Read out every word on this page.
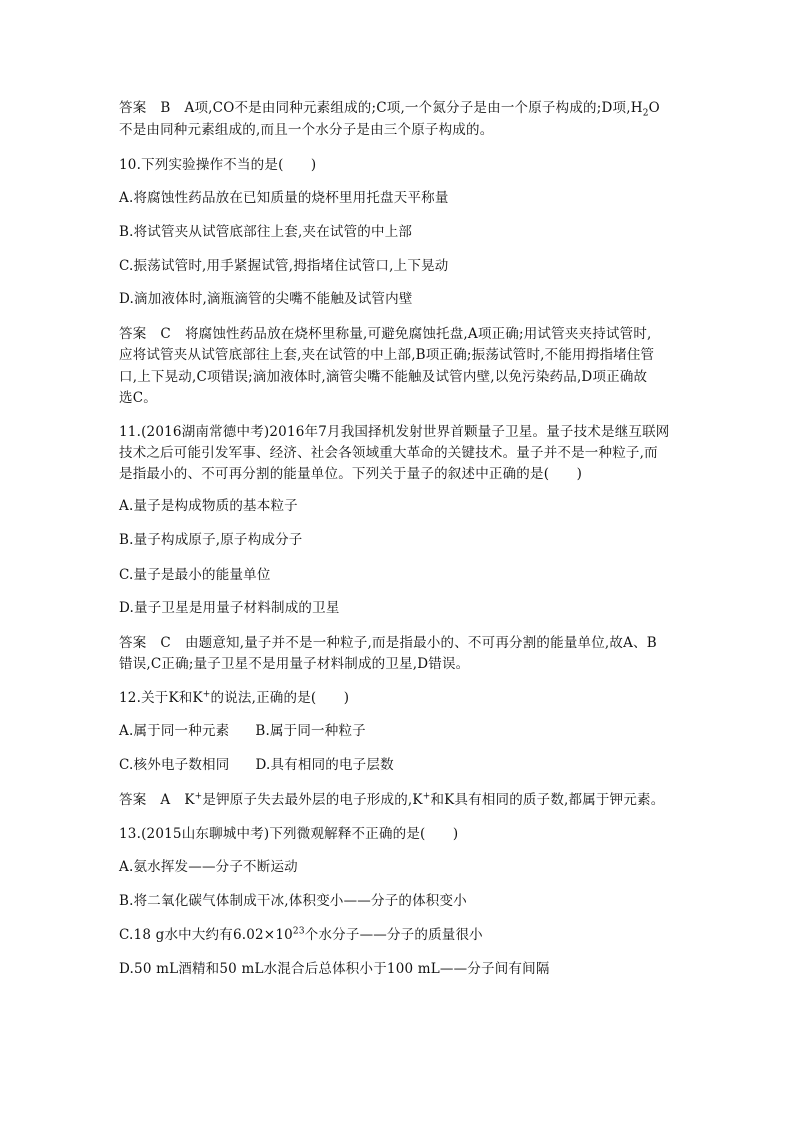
答案 B A项,CO不是由同种元素组成的;C项,一个氮分子是由一个原子构成的;D项$,H_2O$
不是由同种元素组成的,而且一个水分子是由三个原子构成的。
10.下列实验操作不当的是(　　)
A.将腐蚀性药品放在已知质量的烧杯里用托盘天平称量
B.将试管夹从试管底部往上套,夹在试管的中上部
C.振荡试管时,用手紧握试管,拇指堵住试管口,上下晃动
D.滴加液体时,滴瓶滴管的尖嘴不能触及试管内壁
答案 C 将腐蚀性药品放在烧杯里称量,可避免腐蚀托盘,A项正确;用试管夹夹持试管时,
应将试管夹从试管底部往上套,夹在试管的中上部,B项正确;振荡试管时,不能用拇指堵住管
口,上下晃动,C项错误;滴加液体时,滴管尖嘴不能触及试管内壁,以免污染药品,D项正确故
选C。
11.(2016湖南常德中考)2016年7月我国择机发射世界首颗量子卫星。量子技术是继互联网
技术之后可能引发军事、经济、社会各领域重大革命的关键技术。量子并不是一种粒子,而
是指最小的、不可再分割的能量单位。下列关于量子的叙述中正确的是(　　)
A.量子是构成物质的基本粒子
B.量子构成原子,原子构成分子
C.量子是最小的能量单位
D.量子卫星是用量子材料制成的卫星
答案 C 由题意知,量子并不是一种粒子,而是指最小的、不可再分割的能量单位,故A、B
错误,C正确;量子卫星不是用量子材料制成的卫星,D错误。
12.关于K和K+的说法,正确的是(　　)
A.属于同一种元素 B.属于同一种粒子
C.核外电子数相同 D.具有相同的电子层数
答案 A K+是钾原子失去最外层的电子形成的,K+和K具有相同的质子数,都属于钾元素。
13.(2015山东聊城中考)下列微观解释不正确的是(　　)
A.氨水挥发——分子不断运动
B.将二氧化碳气体制成干冰,体积变小——分子的体积变小
C.18 g水中大约有$6.02\times 10^{23}$个水分子——分子的质量很小
D.50 mL酒精和50 mL水混合后总体积小于100 mL——分子间有间隔
